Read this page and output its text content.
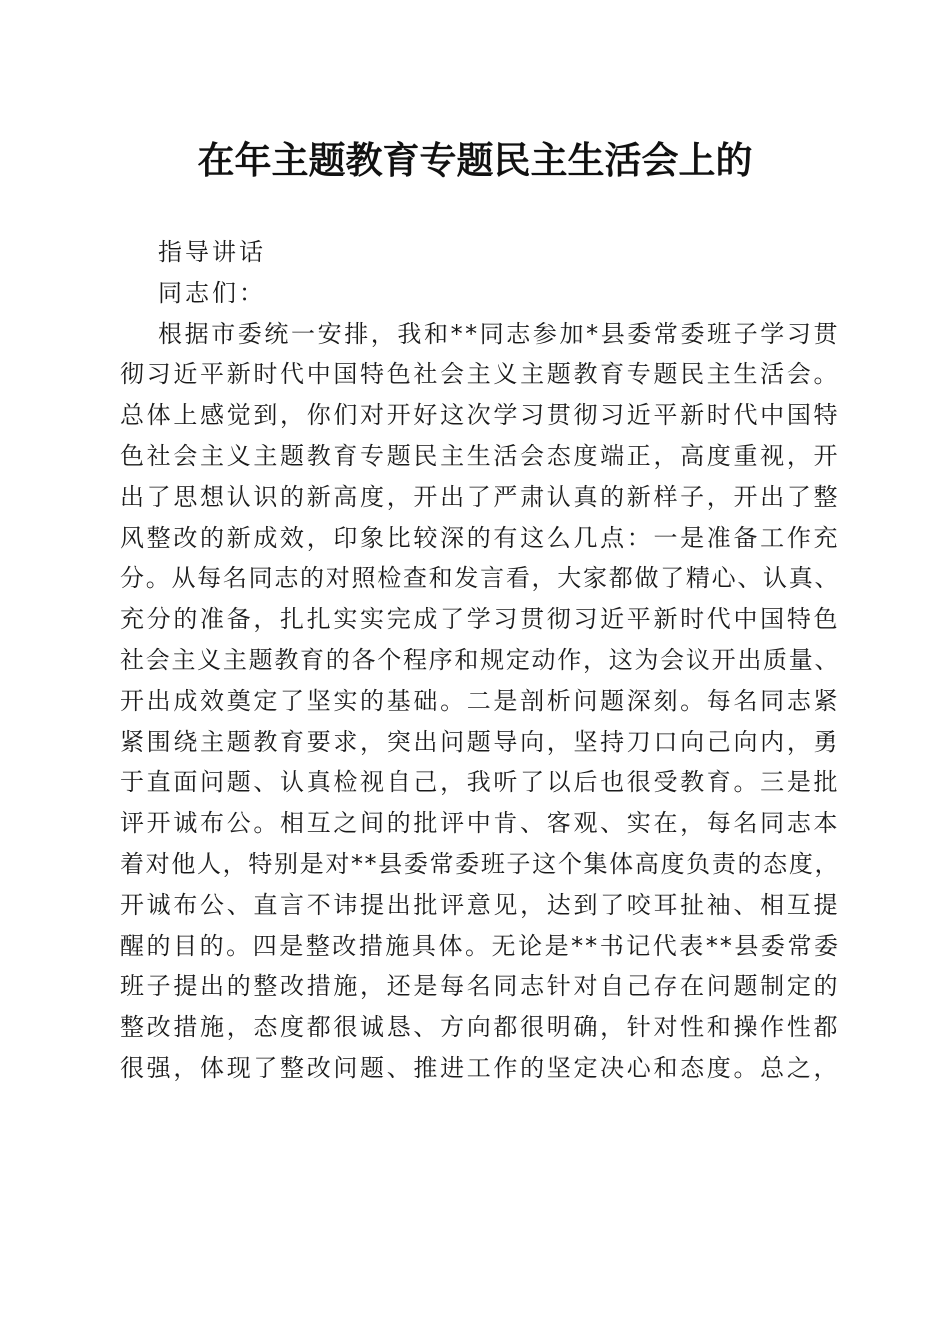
在年主题教育专题民主生活会上的
指导讲话
同志们：
根据市委统一安排，我和**同志参加*县委常委班子学习贯
彻习近平新时代中国特色社会主义主题教育专题民主生活会。
总体上感觉到，你们对开好这次学习贯彻习近平新时代中国特
色社会主义主题教育专题民主生活会态度端正，高度重视，开
出了思想认识的新高度，开出了严肃认真的新样子，开出了整
风整改的新成效，印象比较深的有这么几点：一是准备工作充
分。从每名同志的对照检查和发言看，大家都做了精心、认真、
充分的准备，扎扎实实完成了学习贯彻习近平新时代中国特色
社会主义主题教育的各个程序和规定动作，这为会议开出质量、
开出成效奠定了坚实的基础。二是剖析问题深刻。每名同志紧
紧围绕主题教育要求，突出问题导向，坚持刀口向己向内，勇
于直面问题、认真检视自己，我听了以后也很受教育。三是批
评开诚布公。相互之间的批评中肯、客观、实在，每名同志本
着对他人，特别是对**县委常委班子这个集体高度负责的态度，
开诚布公、直言不讳提出批评意见，达到了咬耳扯袖、相互提
醒的目的。四是整改措施具体。无论是**书记代表**县委常委
班子提出的整改措施，还是每名同志针对自己存在问题制定的
整改措施，态度都很诚恳、方向都很明确，针对性和操作性都
很强，体现了整改问题、推进工作的坚定决心和态度。总之，
